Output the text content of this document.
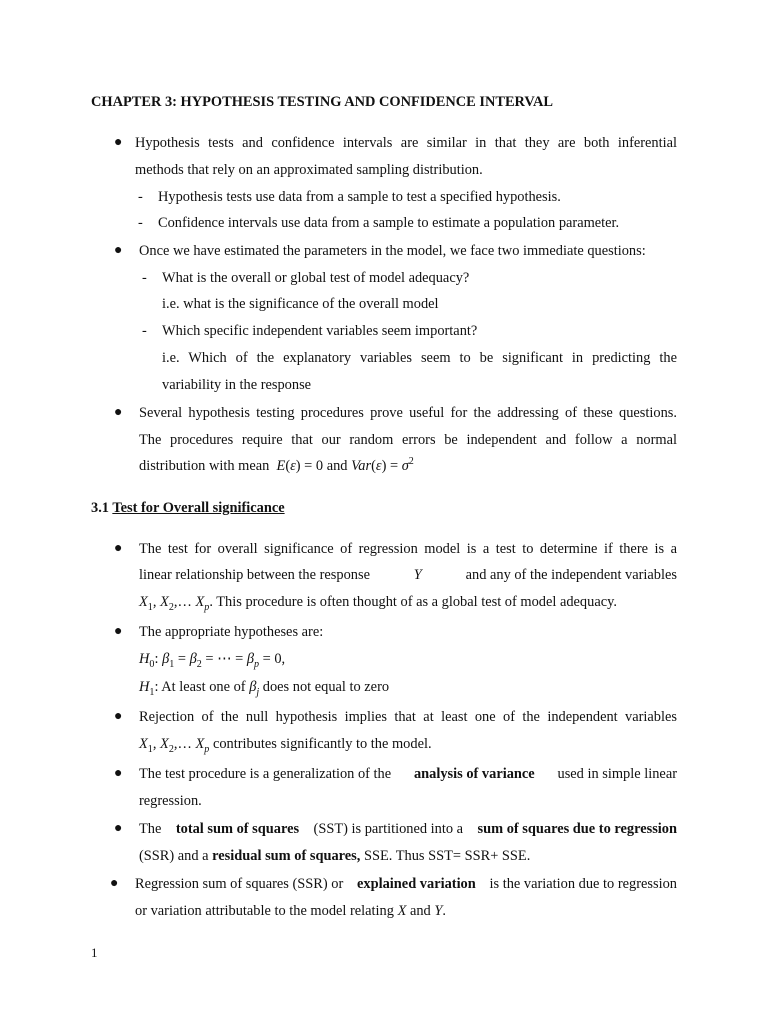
CHAPTER 3: HYPOTHESIS TESTING AND CONFIDENCE INTERVAL
● Hypothesis tests and confidence intervals are similar in that they are both inferential
methods that rely on an approximated sampling distribution.
- Hypothesis tests use data from a sample to test a specified hypothesis.
- Confidence intervals use data from a sample to estimate a population parameter.
● Once we have estimated the parameters in the model, we face two immediate questions:
- What is the overall or global test of model adequacy?
i.e. what is the significance of the overall model
- Which specific independent variables seem important?
i.e. Which of the explanatory variables seem to be significant in predicting the
variability in the response
● Several hypothesis testing procedures prove useful for the addressing of these questions.
The procedures require that our random errors be independent and follow a normal
distribution with mean E(ε) = 0 and $Var(\varepsilon) = \sigma^2$
3.1 Test for Overall significance
● The test for overall significance of regression model is a test to determine if there is a
linear relationship between the response	Y	and any of the independent variables
$X_1$, $X_2,\dots$ $X_p$. This procedure is often thought of as a global test of model adequacy.
● The appropriate hypotheses are:
$H_0$: $\beta_1 = \beta_2$ = ⋯ = $\beta_p = 0$,
$H_1$: At least one of $\beta_j$ does not equal to zero
● Rejection of the null hypothesis implies that at least one of the independent variables
$X_1$, $X_2,\dots$ $X_p$ contributes significantly to the model.
● The test procedure is a generalization of the analysis of variance used in simple linear
regression.
● The total sum of squares (SST) is partitioned into a sum of squares due to regression
(SSR) and a residual sum of squares, SSE. Thus SST= SSR+ SSE.
● Regression sum of squares (SSR) or explained variation is the variation due to regression
or variation attributable to the model relating X and Y.
1
